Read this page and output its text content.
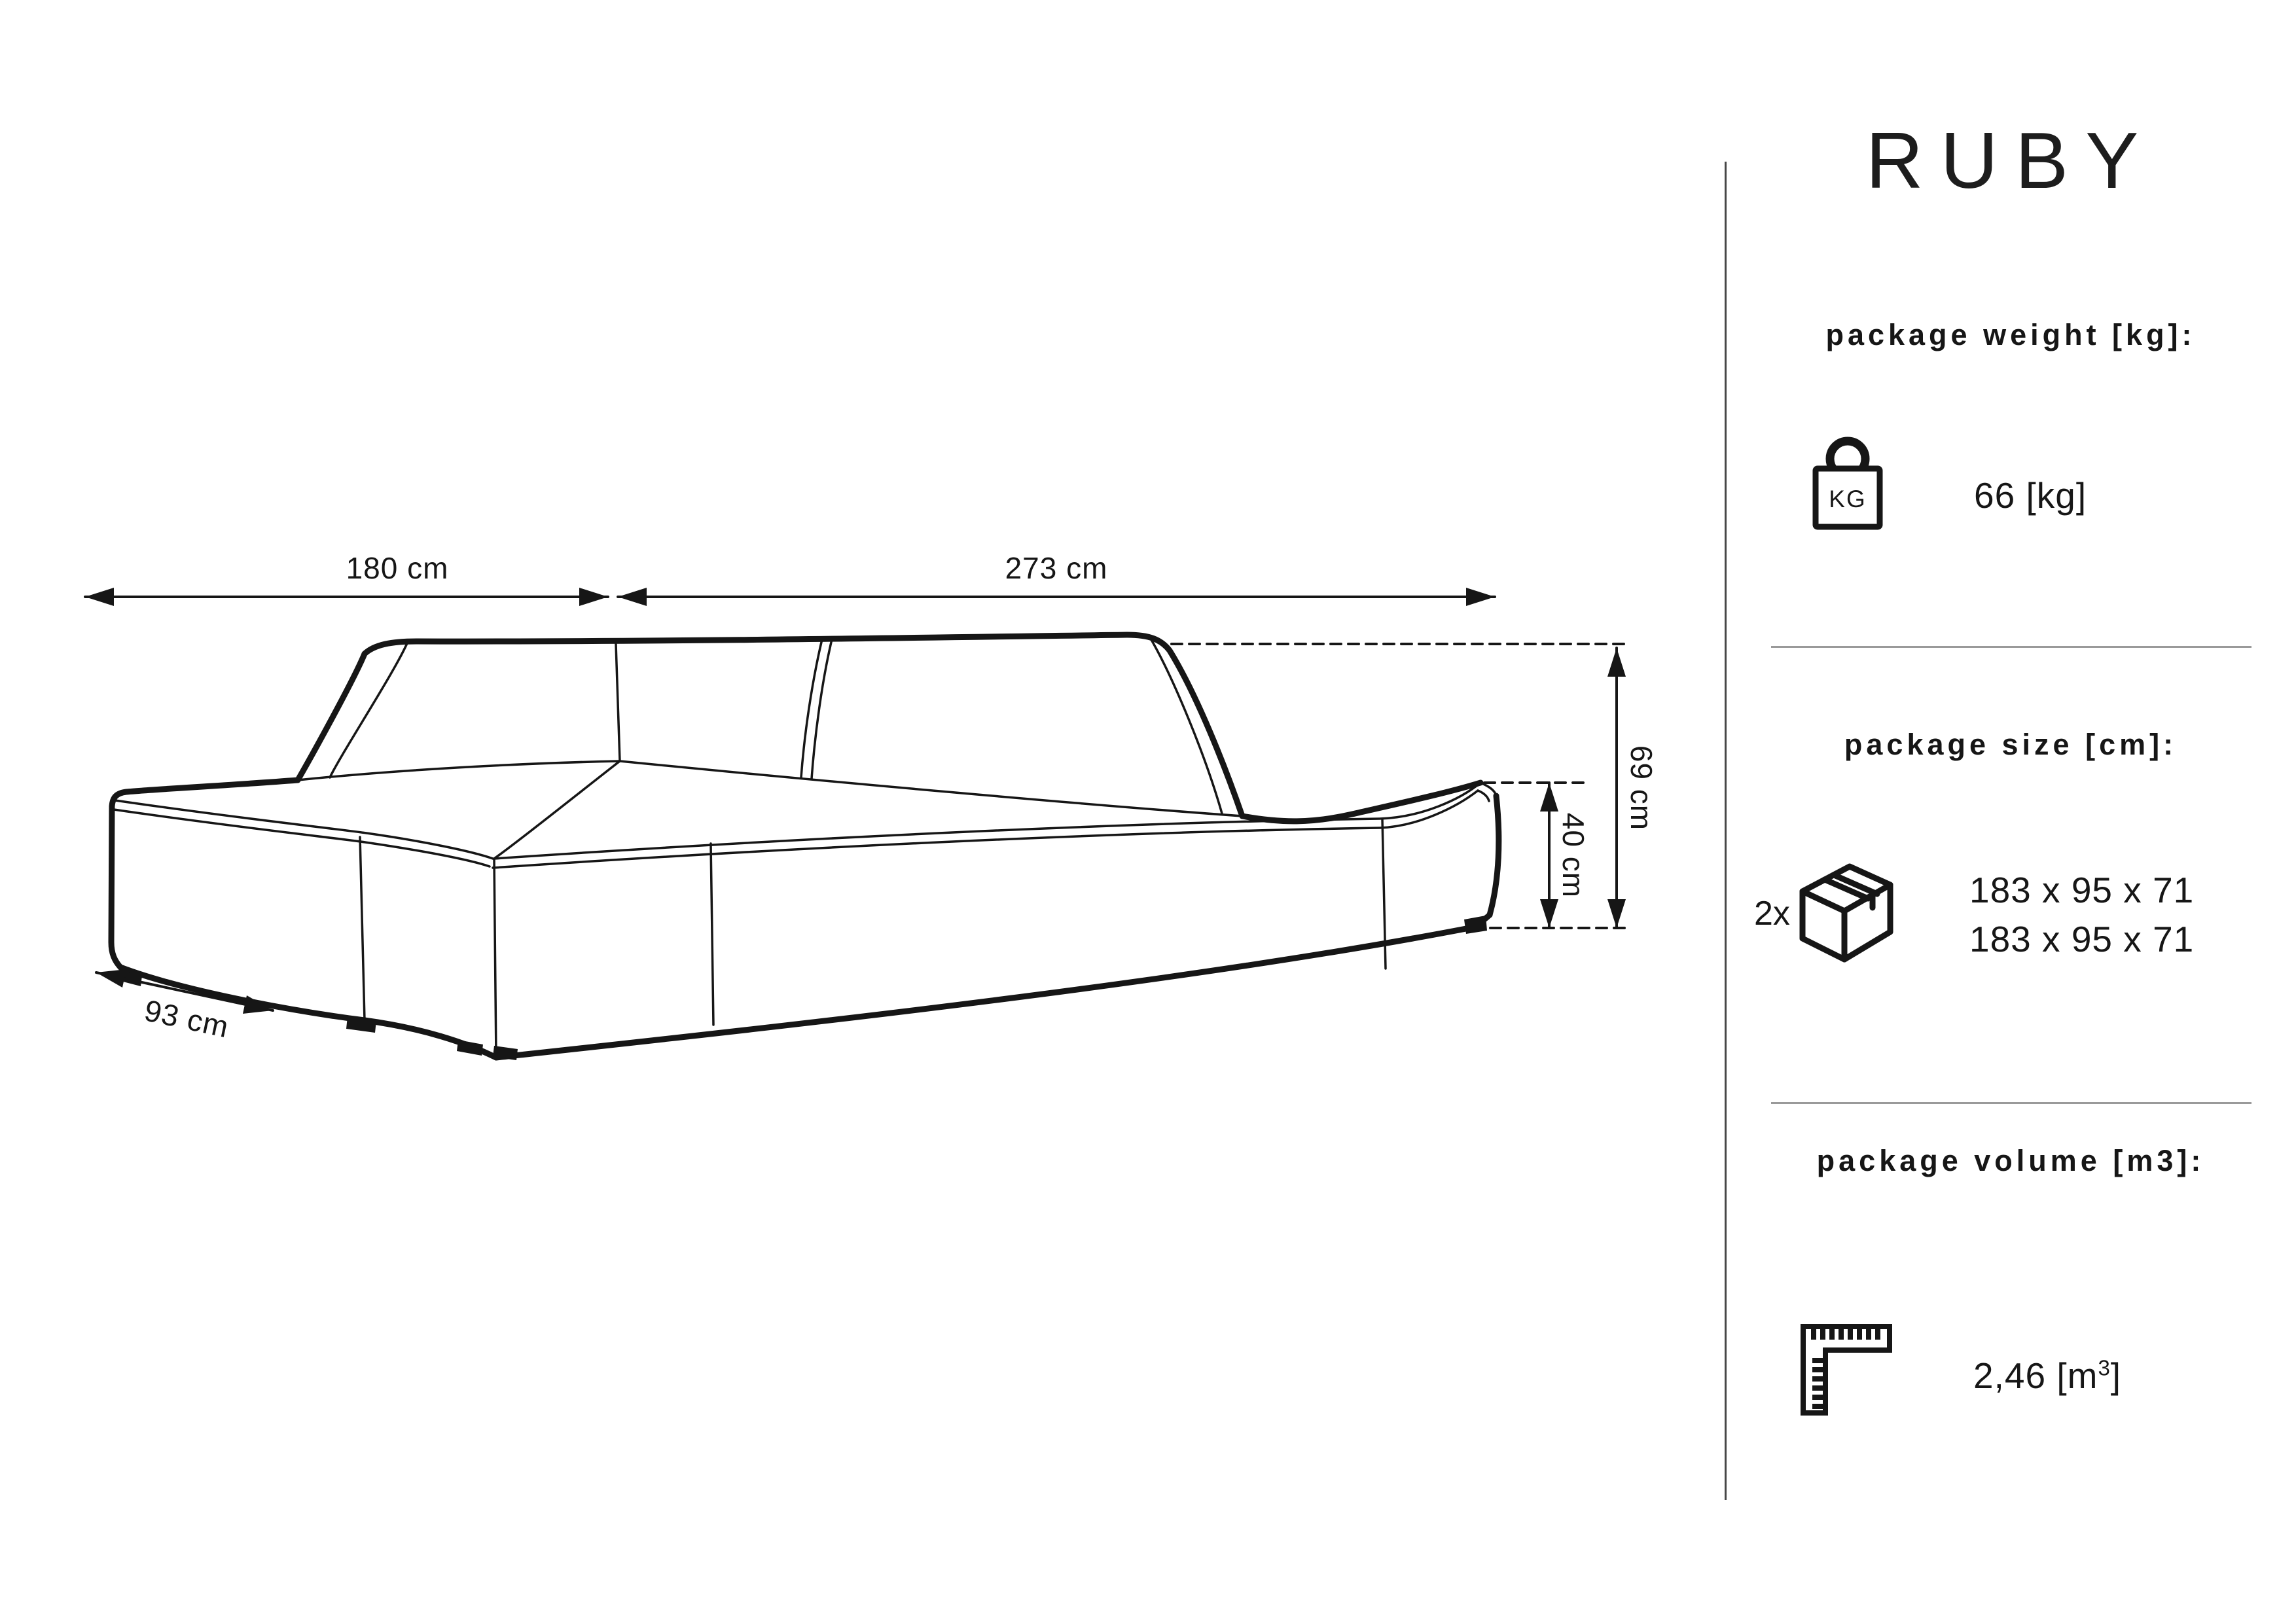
180 cm	273 cm
93 cm
69 cm
40 cm
RUBY
package weight [kg]:
KG	66 [kg]
package size [cm]:
2x
183 x 95 x 71
183 x 95 x 71
package volume [m3]:
2,46 $[m^3]$
